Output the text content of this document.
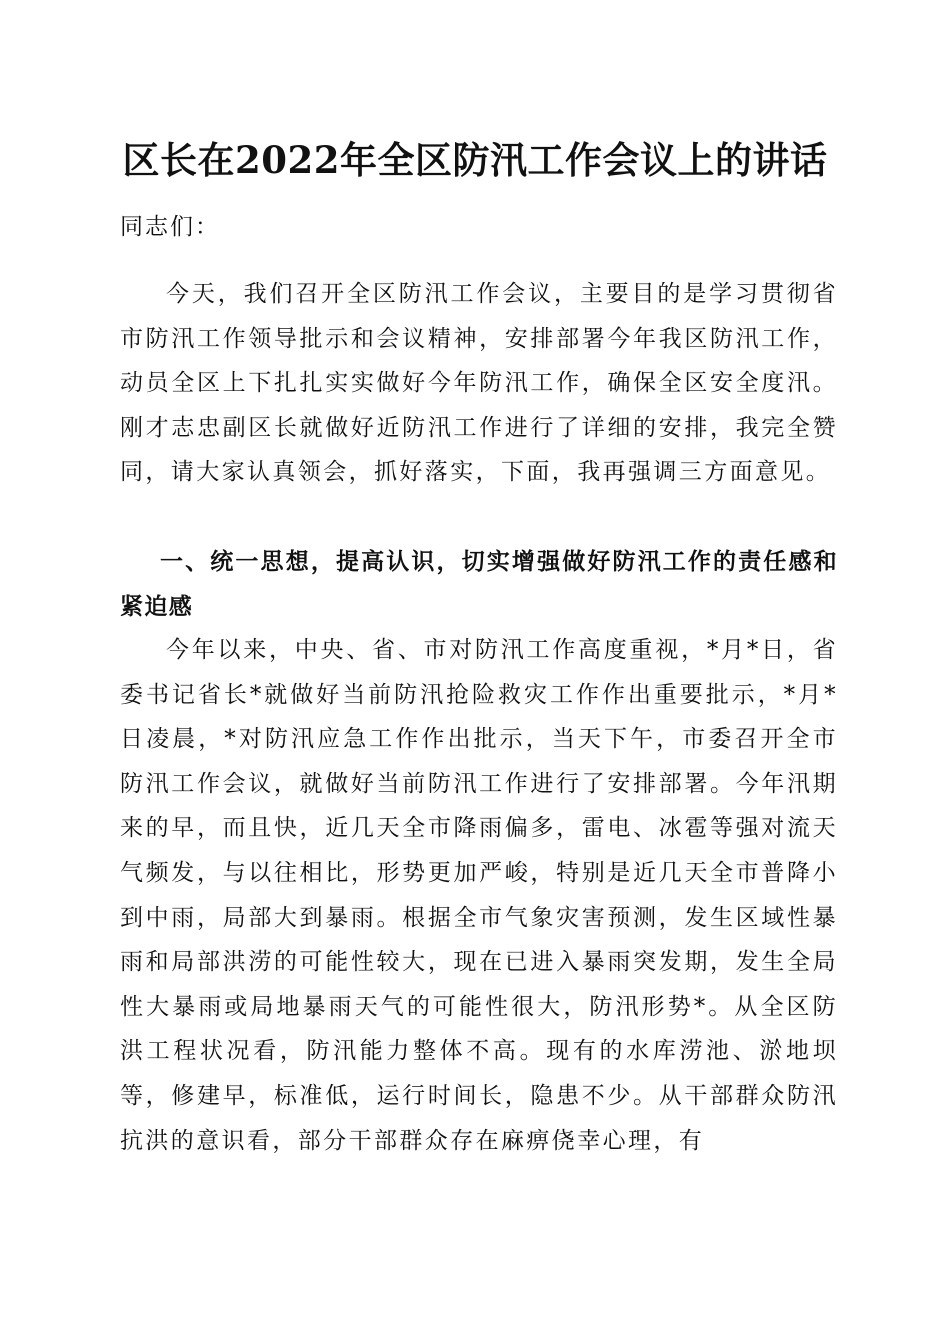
区长在2022年全区防汛工作会议上的讲话

同志们：

今天，我们召开全区防汛工作会议，主要目的是学习贯彻省市防汛工作领导批示和会议精神，安排部署今年我区防汛工作，动员全区上下扎扎实实做好今年防汛工作，确保全区安全度汛。刚才志忠副区长就做好近防汛工作进行了详细的安排，我完全赞同，请大家认真领会，抓好落实，下面，我再强调三方面意见。

一、统一思想，提高认识，切实增强做好防汛工作的责任感和紧迫感

今年以来，中央、省、市对防汛工作高度重视，*月*日，省委书记省长*就做好当前防汛抢险救灾工作作出重要批示，*月*日凌晨，*对防汛应急工作作出批示，当天下午，市委召开全市防汛工作会议，就做好当前防汛工作进行了安排部署。今年汛期来的早，而且快，近几天全市降雨偏多，雷电、冰雹等强对流天气频发，与以往相比，形势更加严峻，特别是近几天全市普降小到中雨，局部大到暴雨。根据全市气象灾害预测，发生区域性暴雨和局部洪涝的可能性较大，现在已进入暴雨突发期，发生全局性大暴雨或局地暴雨天气的可能性很大，防汛形势*。从全区防洪工程状况看，防汛能力整体不高。现有的水库涝池、淤地坝等，修建早，标准低，运行时间长，隐患不少。从干部群众防汛抗洪的意识看，部分干部群众存在麻痹侥幸心理，有
